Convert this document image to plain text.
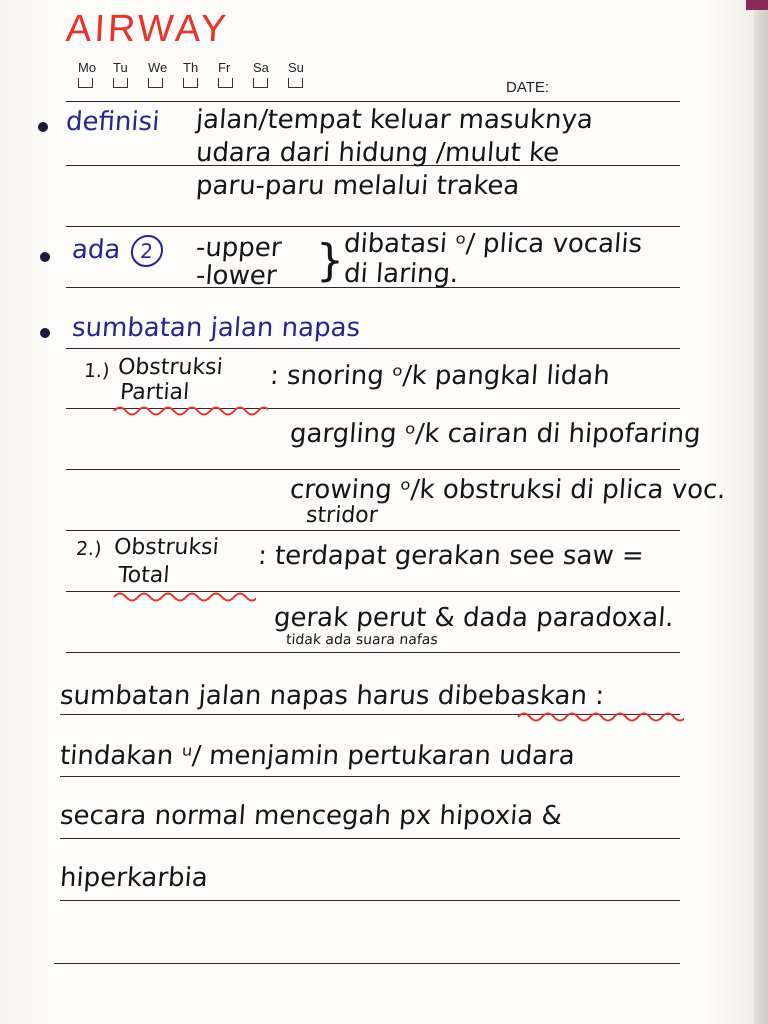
AIRWAY
Mo Tu We Th Fr Sa Su
DATE:
definisi jalan/tempat keluar masuknya
udara dari hidung /mulut ke
paru-paru melalui trakea
ada 2	-upper
-lower }
dibatasi ᵒ/ plica vocalis
di laring.
sumbatan jalan napas
1.) Obstruksi
Partial
: snoring ᵒ/k pangkal lidah
gargling ᵒ/k cairan di hipofaring
crowing ᵒ/k obstruksi di plica voc.
stridor
2.) Obstruksi
Total
: terdapat gerakan see saw =
gerak perut & dada paradoxal.
tidak ada suara nafas
sumbatan jalan napas harus dibebaskan :
tindakan ᵘ/ menjamin pertukaran udara
secara normal mencegah px hipoxia &
hiperkarbia
